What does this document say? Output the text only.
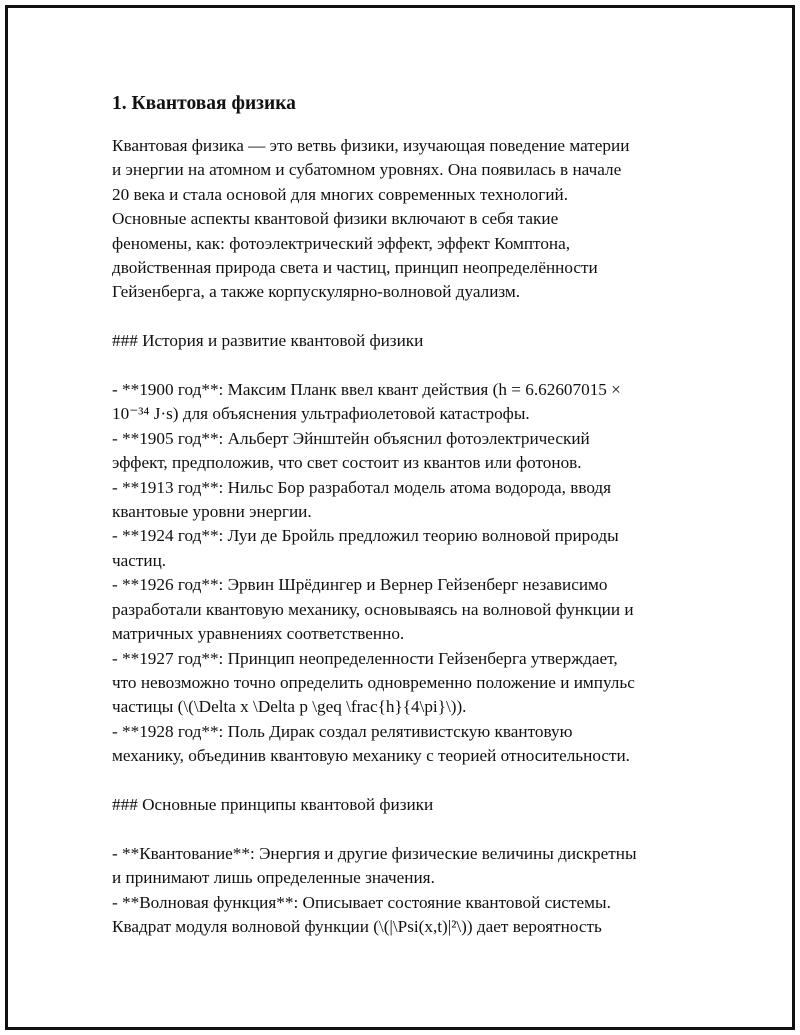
1. Квантовая физика

Квантовая физика — это ветвь физики, изучающая поведение материи
и энергии на атомном и субатомном уровнях. Она появилась в начале
20 века и стала основой для многих современных технологий.
Основные аспекты квантовой физики включают в себя такие
феномены, как: фотоэлектрический эффект, эффект Комптона,
двойственная природа света и частиц, принцип неопределённости
Гейзенберга, а также корпускулярно-волновой дуализм.

### История и развитие квантовой физики

- **1900 год**: Максим Планк ввел квант действия (h = 6.62607015 ×

10⁻³⁴ J·s) для объяснения ультрафиолетовой катастрофы.

- **1905 год**: Альберт Эйнштейн объяснил фотоэлектрический

эффект, предположив, что свет состоит из квантов или фотонов.

- **1913 год**: Нильс Бор разработал модель атома водорода, вводя

квантовые уровни энергии.

- **1924 год**: Луи де Бройль предложил теорию волновой природы

частиц.

- **1926 год**: Эрвин Шрёдингер и Вернер Гейзенберг независимо

разработали квантовую механику, основываясь на волновой функции и

матричных уравнениях соответственно.

- **1927 год**: Принцип неопределенности Гейзенберга утверждает,

что невозможно точно определить одновременно положение и импульс

частицы (\(\Delta x \Delta p \geq \frac{h}{4\pi}\)).

- **1928 год**: Поль Дирак создал релятивистскую квантовую

механику, объединив квантовую механику с теорией относительности.

### Основные принципы квантовой физики

- **Квантование**: Энергия и другие физические величины дискретны

и принимают лишь определенные значения.

- **Волновая функция**: Описывает состояние квантовой системы.

Квадрат модуля волновой функции (\(|\Psi(x,t)|²\)) дает вероятность
